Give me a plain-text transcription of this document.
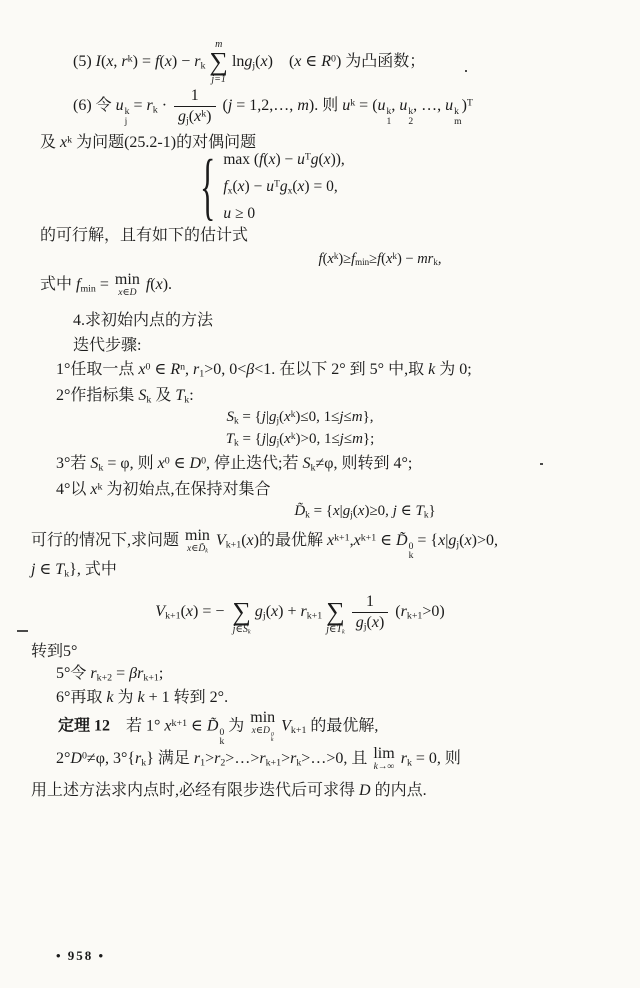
(5) I(x, $r^k) = f(x) - r_k$
m
∑
j=1
lng$_j$(x) (x ∈ $R^0$) 为凸函数；
(6) 令 u k
j
= $r_k \cdot \frac{1}{g_j(x^k)} (j$ = 1,2,…, m). 则 $u^k = (u$ k
1
, u k
2
, …, u k
m
)$^T$
及 $x^k$ 为问题(25.2-1)的对偶问题
{ $\max (f(x) - u^Tg(x))$,
$f_x(x) - u^Tg_x(x) = 0$,
u ≥ 0
的可行解，且有如下的估计式
$f(x^k)\ge f_{min}\ge f(x^k) - mr_k$,
式中 $f_{min} = \min$
x∈D f(x).
4.求初始内点的方法
迭代步骤:
1°任取一点 $x^0$ ∈ $R^n$, $r_1>0$, 0<β<1. 在以下 2° 到 5° 中,取 k 为 0;
2°作指标集 $S_k$ 及 $T_k$:
$S_k = \{j|g_j(x^k)\le 0$, 1≤j≤m},
$T_k = \{j|g_j(x^k)>0$, 1≤j≤m};
3°若 $S_k = \varphi$, 则 $x^0$ ∈ $D^0$, 停止迭代;若 $S_k\ne\varphi$, 则转到 4°;
4°以 $x^k$ 为初始点,在保持对集合
$D̃_k = \{x|g_j(x)\ge 0$, j ∈ $T_k$}
可行的情况下,求问题 min
$x\in D̃_k$
$V_{k+1}(x)$的最优解 $x^{k+1},x^{k+1}$ ∈ D̃ 0
k
= {$x|g_j(x)>0$,
j ∈ $T_k$}, 式中
$V_{k+1}(x)$ = −
∑
$j\in S_k$
$g_j(x) + r_{k+1}$
∑
$j\in T_k \frac{1}{g_j(x)} (r_{k+1}>0)$
转到5°
5°令 $r_{k+2} = \beta r_{k+1}$;
6°再取 k 为 k + 1 转到 2°.
定理 12 若 1° $x^{k+1}$ ∈ D̃ 0
k
为 min
x∈D 0
k
$V_{k+1}$ 的最优解,
$2^\circ D^0\ne\varphi$, $3^\circ\{r_k\}$ 满足 $r_1>r_2>\dots>r_{k+1}>r_k>\dots>0$, 且 lim
k→∞ $r_k = 0$, 则
用上述方法求内点时,必经有限步迭代后可求得 D 的内点.
• 958 •
